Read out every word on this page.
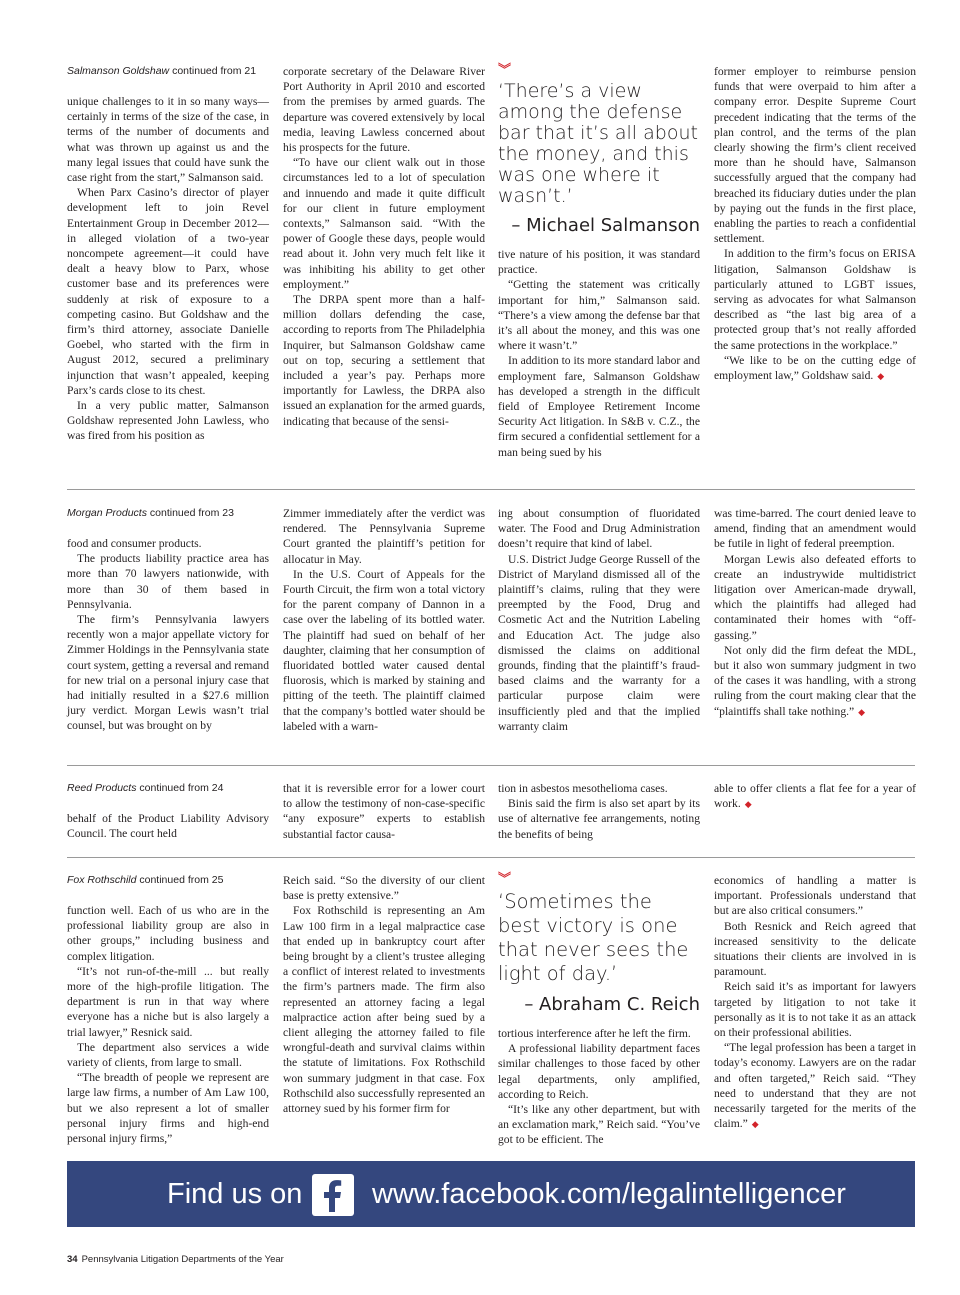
Salmanson Goldshaw continued from 21

unique challenges to it in so many ways—certainly in terms of the size of the case, in terms of the number of documents and what was thrown up against us and the many legal issues that could have sunk the case right from the start,” Salmanson said.

When Parx Casino’s director of player development left to join Revel Entertainment Group in December 2012—in alleged violation of a two-year noncompete agreement—it could have dealt a heavy blow to Parx, whose customer base and its preferences were suddenly at risk of exposure to a competing casino. But Goldshaw and the firm’s third attorney, associate Danielle Goebel, who started with the firm in August 2012, secured a preliminary injunction that wasn’t appealed, keeping Parx’s cards close to its chest.

In a very public matter, Salmanson Goldshaw represented John Lawless, who was fired from his position as

corporate secretary of the Delaware River Port Authority in April 2010 and escorted from the premises by armed guards. The departure was covered extensively by local media, leaving Lawless concerned about his prospects for the future.

“To have our client walk out in those circumstances led to a lot of speculation and innuendo and made it quite difficult for our client in future employment contexts,” Salmanson said. “With the power of Google these days, people would read about it. John very much felt like it was inhibiting his ability to get other employment.”

The DRPA spent more than a half-million dollars defending the case, according to reports from The Philadelphia Inquirer, but Salmanson Goldshaw came out on top, securing a settlement that included a year’s pay. Perhaps more importantly for Lawless, the DRPA also issued an explanation for the armed guards, indicating that because of the sensi-

︾
‘There’s a view among the defense bar that it’s all about the money, and this was one where it wasn’t.’
– Michael Salmanson

tive nature of his position, it was standard practice.

“Getting the statement was critically important for him,” Salmanson said. “There’s a view among the defense bar that it’s all about the money, and this was one where it wasn’t.”

In addition to its more standard labor and employment fare, Salmanson Goldshaw has developed a strength in the difficult field of Employee Retirement Income Security Act litigation. In S&B v. C.Z., the firm secured a confidential settlement for a man being sued by his

former employer to reimburse pension funds that were overpaid to him after a company error. Despite Supreme Court precedent indicating that the terms of the plan control, and the terms of the plan clearly showing the firm’s client received more than he should have, Salmanson successfully argued that the company had breached its fiduciary duties under the plan by paying out the funds in the first place, enabling the parties to reach a confidential settlement.

In addition to the firm’s focus on ERISA litigation, Salmanson Goldshaw is particularly attuned to LGBT issues, serving as advocates for what Salmanson described as “the last big area of a protected group that’s not really afforded the same protections in the workplace.”

“We like to be on the cutting edge of employment law,” Goldshaw said. ◆

Morgan Products continued from 23

food and consumer products.

The products liability practice area has more than 70 lawyers nationwide, with more than 30 of them based in Pennsylvania.

The firm’s Pennsylvania lawyers recently won a major appellate victory for Zimmer Holdings in the Pennsylvania state court system, getting a reversal and remand for new trial on a personal injury case that had initially resulted in a $27.6 million jury verdict. Morgan Lewis wasn’t trial counsel, but was brought on by

Zimmer immediately after the verdict was rendered. The Pennsylvania Supreme Court granted the plaintiff’s petition for allocatur in May.

In the U.S. Court of Appeals for the Fourth Circuit, the firm won a total victory for the parent company of Dannon in a case over the labeling of its bottled water. The plaintiff had sued on behalf of her daughter, claiming that her consumption of fluoridated bottled water caused dental fluorosis, which is marked by staining and pitting of the teeth. The plaintiff claimed that the company’s bottled water should be labeled with a warn-

ing about consumption of fluoridated water. The Food and Drug Administration doesn’t require that kind of label.

U.S. District Judge George Russell of the District of Maryland dismissed all of the plaintiff’s claims, ruling that they were preempted by the Food, Drug and Cosmetic Act and the Nutrition Labeling and Education Act. The judge also dismissed the claims on additional grounds, finding that the plaintiff’s fraud-based claims and the warranty for a particular purpose claim were insufficiently pled and that the implied warranty claim

was time-barred. The court denied leave to amend, finding that an amendment would be futile in light of federal preemption.

Morgan Lewis also defeated efforts to create an industrywide multidistrict litigation over American-made drywall, which the plaintiffs had alleged had contaminated their homes with “off-gassing.”

Not only did the firm defeat the MDL, but it also won summary judgment in two of the cases it was handling, with a strong ruling from the court making clear that the “plaintiffs shall take nothing.” ◆

Reed Products continued from 24

behalf of the Product Liability Advisory Council. The court held

that it is reversible error for a lower court to allow the testimony of non-case-specific “any exposure” experts to establish substantial factor causa-

tion in asbestos mesothelioma cases.

Binis said the firm is also set apart by its use of alternative fee arrangements, noting the benefits of being

able to offer clients a flat fee for a year of work. ◆

Fox Rothschild continued from 25

function well. Each of us who are in the professional liability group are also in other groups,” including business and complex litigation.

“It’s not run-of-the-mill ... but really more of the high-profile litigation. The department is run in that way where everyone has a niche but is also largely a trial lawyer,” Resnick said.

The department also services a wide variety of clients, from large to small.

“The breadth of people we represent are large law firms, a number of Am Law 100, but we also represent a lot of smaller personal injury firms and high-end personal injury firms,”

Reich said. “So the diversity of our client base is pretty extensive.”

Fox Rothschild is representing an Am Law 100 firm in a legal malpractice case that ended up in bankruptcy court after being brought by a client’s trustee alleging a conflict of interest related to investments the firm’s partners made. The firm also represented an attorney facing a legal malpractice action after being sued by a client alleging the attorney failed to file wrongful-death and survival claims within the statute of limitations. Fox Rothschild won summary judgment in that case. Fox Rothschild also successfully represented an attorney sued by his former firm for

︾
‘Sometimes the best victory is one that never sees the light of day.’
– Abraham C. Reich

tortious interference after he left the firm.

A professional liability department faces similar challenges to those faced by other legal departments, only amplified, according to Reich.

“It’s like any other department, but with an exclamation mark,” Reich said. “You’ve got to be efficient. The

economics of handling a matter is important. Professionals understand that but are also critical consumers.”

Both Resnick and Reich agreed that increased sensitivity to the delicate situations their clients are involved in is paramount.

Reich said it’s as important for lawyers targeted by litigation to not take it personally as it is to not take it as an attack on their professional abilities.

“The legal profession has been a target in today’s economy. Lawyers are on the radar and often targeted,” Reich said. “They need to understand that they are not necessarily targeted for the merits of the claim.” ◆

Find us on www.facebook.com/legalintelligencer
34 Pennsylvania Litigation Departments of the Year
